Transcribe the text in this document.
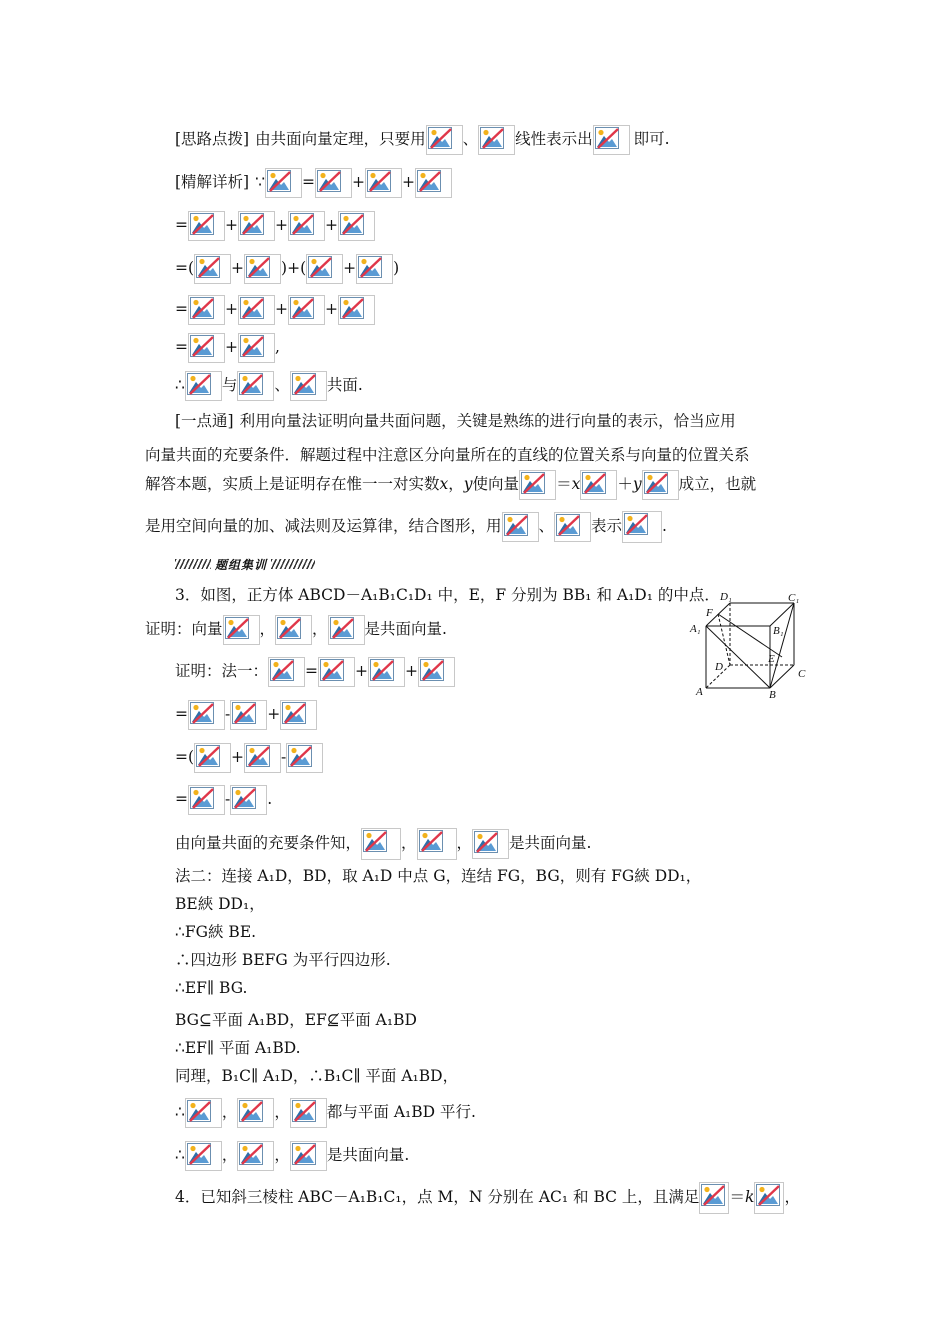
[思路点拨] 由共面向量定理，只要用 、 线性表示出	即可.
[精解详析] ∵ = + +
= + + +
=( + )+( + )
= + + +
= + ,
∴ 与 、 共面.
[一点通] 利用向量法证明向量共面问题，关键是熟练的进行向量的表示，恰当应用
向量共面的充要条件．解题过程中注意区分向量所在的直线的位置关系与向量的位置关系
解答本题，实质上是证明存在惟一一对实数 x ， y 使向量 ＝ x ＋ y 成立，也就
是用空间向量的加、减法则及运算律，结合图形，用 、 表示	.
题组集训
3．如图，正方体 ABCD－A₁B₁C₁D₁ 中，E，F 分别为 BB₁ 和 A₁D₁ 的中点．
证明：向量 ， ， 是共面向量.
D₁	C₁
F
A₁	B₁
D
E
C
A	B
证明：法一： = + +
= - +
=( + -
= - .
由向量共面的充要条件知，	，	， 是共面向量.
法二：连接 A₁D，BD，取 A₁D 中点 G，连结 FG，BG，则有 FG綊 DD₁，
BE綊 DD₁，
∴FG綊 BE.
∴四边形 BEFG 为平行四边形.
∴EF∥ BG.
BG⊆平面 A₁BD，EF⊈平面 A₁BD
∴EF∥ 平面 A₁BD.
同理，B₁C∥ A₁D，∴B₁C∥ 平面 A₁BD，
∴ ， ， 都与平面 A₁BD 平行.
∴ ， ， 是共面向量.
4．已知斜三棱柱 ABC－A₁B₁C₁，点 M，N 分别在 AC₁ 和 BC 上，且满足 ＝ k ，
